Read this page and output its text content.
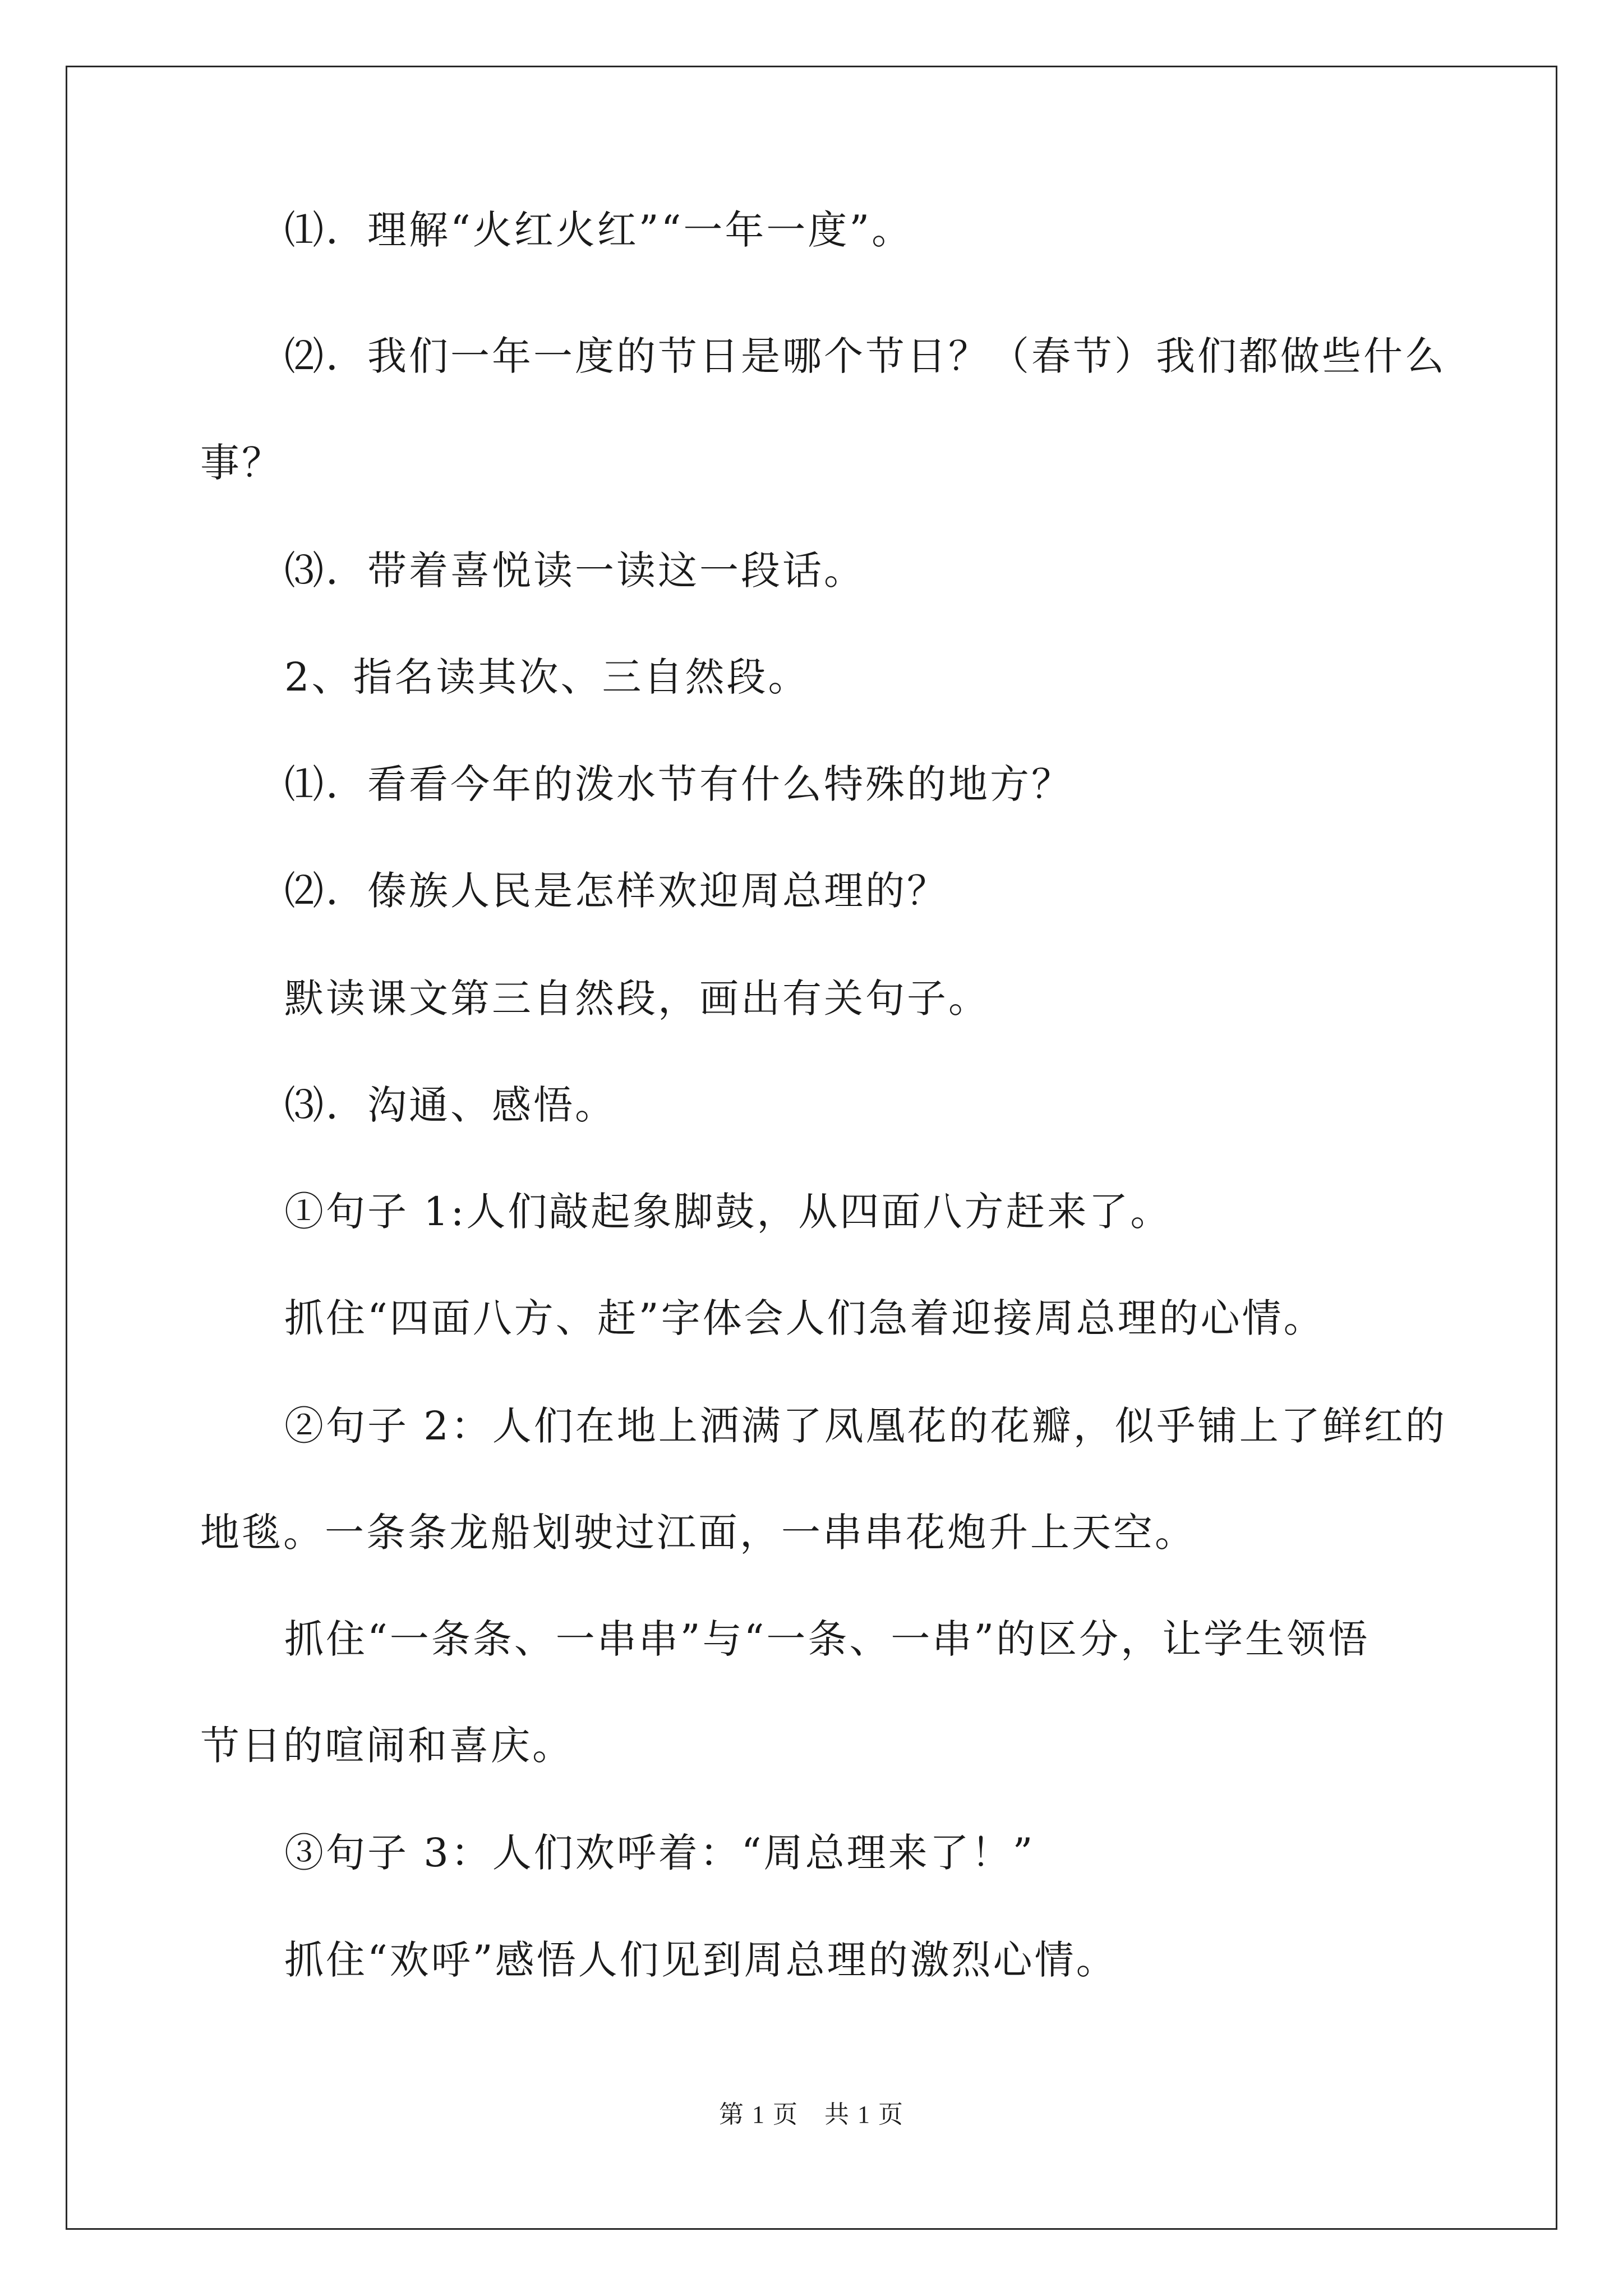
⑴．理解“火红火红”“一年一度”。
⑵．我们一年一度的节日是哪个节日？（春节）我们都做些什么
事？
⑶．带着喜悦读一读这一段话。
2、指名读其次、三自然段。
⑴．看看今年的泼水节有什么特殊的地方？
⑵．傣族人民是怎样欢迎周总理的？
默读课文第三自然段，画出有关句子。
⑶．沟通、感悟。
①句子 1:人们敲起象脚鼓，从四面八方赶来了。
抓住“四面八方、赶”字体会人们急着迎接周总理的心情。
②句子 2：人们在地上洒满了凤凰花的花瓣，似乎铺上了鲜红的
地毯。一条条龙船划驶过江面，一串串花炮升上天空。
抓住“一条条、一串串”与“一条、一串”的区分，让学生领悟
节日的喧闹和喜庆。
③句子 3：人们欢呼着：“周总理来了！”
抓住“欢呼”感悟人们见到周总理的激烈心情。
第 1 页　共 1 页
